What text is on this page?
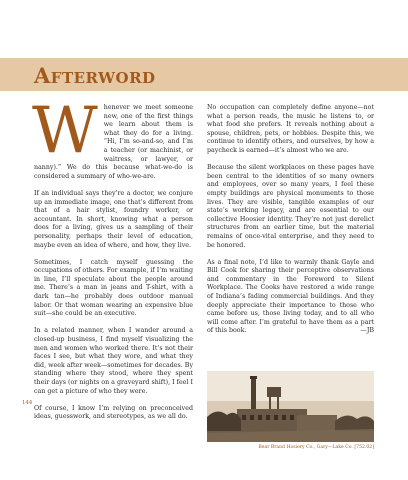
Afterword

Whenever we meet someone new, one of the first things we learn about them is what they do for a living. “Hi, I’m so-and-so, and I’m a teacher (or machinist, or waitress, or lawyer, or nanny).” We do this because what-we-do is considered a summary of who-we-are.

If an individual says they’re a doctor, we conjure up an immediate image, one that’s different from that of a hair stylist, foundry worker, or accountant. In short, knowing what a person does for a living, gives us a sampling of their personality, perhaps their level of education, maybe even an idea of where, and how, they live.

Sometimes, I catch myself guessing the occupations of others. For example, if I’m waiting in line, I’ll speculate about the people around me. There’s a man in jeans and T-shirt, with a dark tan—he probably does outdoor manual labor. Or that woman wearing an expensive blue suit—she could be an executive.

In a related manner, when I wander around a closed-up business, I find myself visualizing the men and women who worked there. It’s not their faces I see, but what they wore, and what they did, week after week—sometimes for decades. By standing where they stood, where they spent their days (or nights on a graveyard shift), I feel I can get a picture of who they were.

Of course, I know I’m relying on preconceived ideas, guesswork, and stereotypes, as we all do.

No occupation can completely define anyone—not what a person reads, the music he listens to, or what food she prefers. It reveals nothing about a spouse, children, pets, or hobbies. Despite this, we continue to identify others, and ourselves, by how a paycheck is earned—it’s almost who we are.

Because the silent workplaces on these pages have been central to the identities of so many owners and employees, over so many years, I feel these empty buildings are physical monuments to those lives. They are visible, tangible examples of our state’s working legacy, and are essential to our collective Hoosier identity. They’re not just derelict structures from an earlier time, but the material remains of once-vital enterprise, and they need to be honored.

As a final note, I’d like to warmly thank Gayle and Bill Cook for sharing their perceptive observations and commentary in the Foreword to Silent Workplace. The Cooks have restored a wide range of Indiana’s fading commercial buildings. And they deeply appreciate their importance to those who came before us, those living today, and to all who will come after. I’m grateful to have them as a part of this book.	—JB

Bear Brand Hosiery Co., Gary—Lake Co. [752.02]
144
